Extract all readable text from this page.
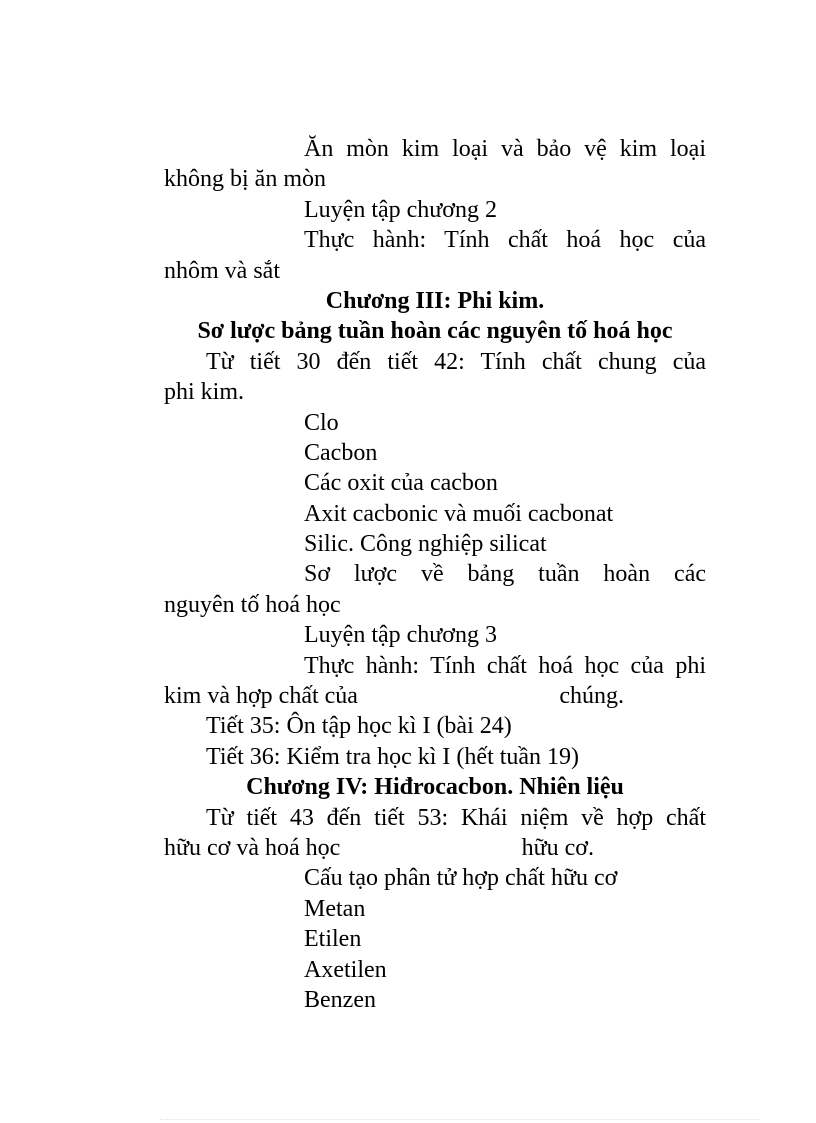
Ăn mòn kim loại và bảo vệ kim loại
không bị ăn mòn
Luyện tập chương 2
Thực hành: Tính chất hoá học của
nhôm và sắt
Chương III: Phi kim.
Sơ lược bảng tuần hoàn các nguyên tố hoá học
Từ tiết 30 đến tiết 42: Tính chất chung của
phi kim.
Clo
Cacbon
Các oxit của cacbon
Axit cacbonic và muối cacbonat
Silic. Công nghiệp silicat
Sơ lược về bảng tuần hoàn các
nguyên tố hoá học
Luyện tập chương 3
Thực hành: Tính chất hoá học của phi
kim và hợp chất của	chúng.
Tiết 35: Ôn tập học kì I (bài 24)
Tiết 36: Kiểm tra học kì I (hết tuần 19)
Chương IV: Hiđrocacbon. Nhiên liệu
Từ tiết 43 đến tiết 53: Khái niệm về hợp chất
hữu cơ và hoá học	hữu cơ.
Cấu tạo phân tử hợp chất hữu cơ
Metan
Etilen
Axetilen
Benzen
